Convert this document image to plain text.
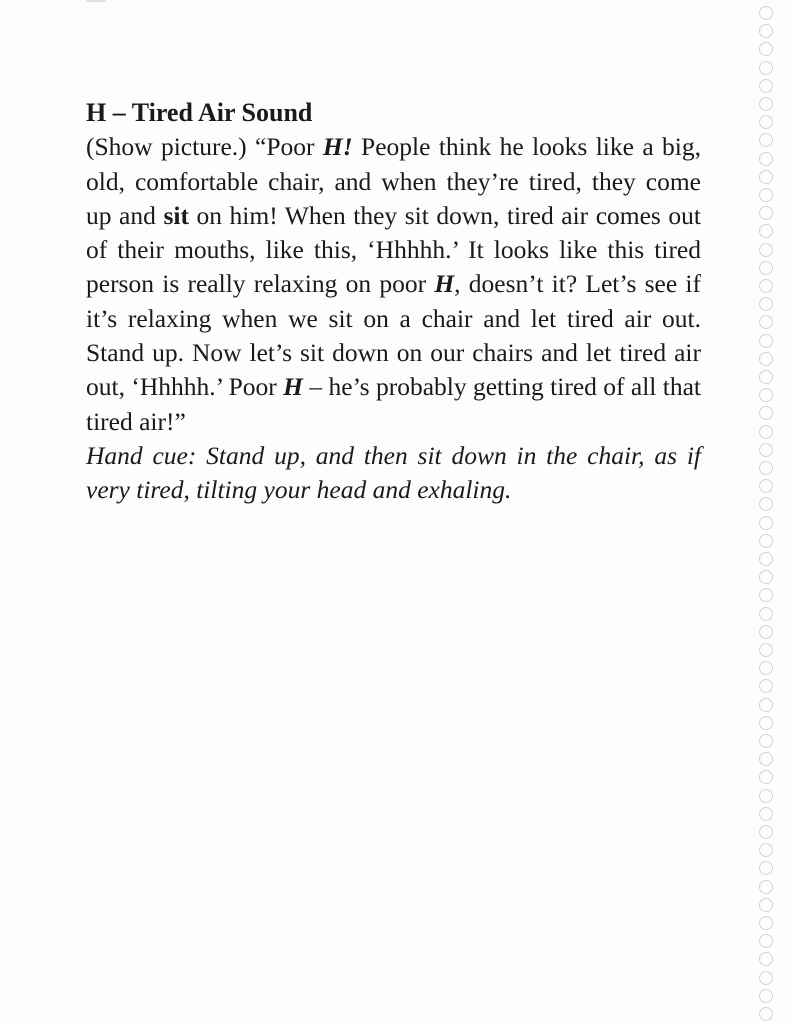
H – Tired Air Sound

(Show picture.) “Poor H! People think he looks like a big, old, comfortable chair, and when they’re tired, they come up and sit on him! When they sit down, tired air comes out of their mouths, like this, ‘Hhhhh.’ It looks like this tired person is really relaxing on poor H, doesn’t it? Let’s see if it’s relaxing when we sit on a chair and let tired air out. Stand up. Now let’s sit down on our chairs and let tired air out, ‘Hhhhh.’ Poor H – he’s probably getting tired of all that tired air!”

Hand cue: Stand up, and then sit down in the chair, as if very tired, tilting your head and exhaling.
